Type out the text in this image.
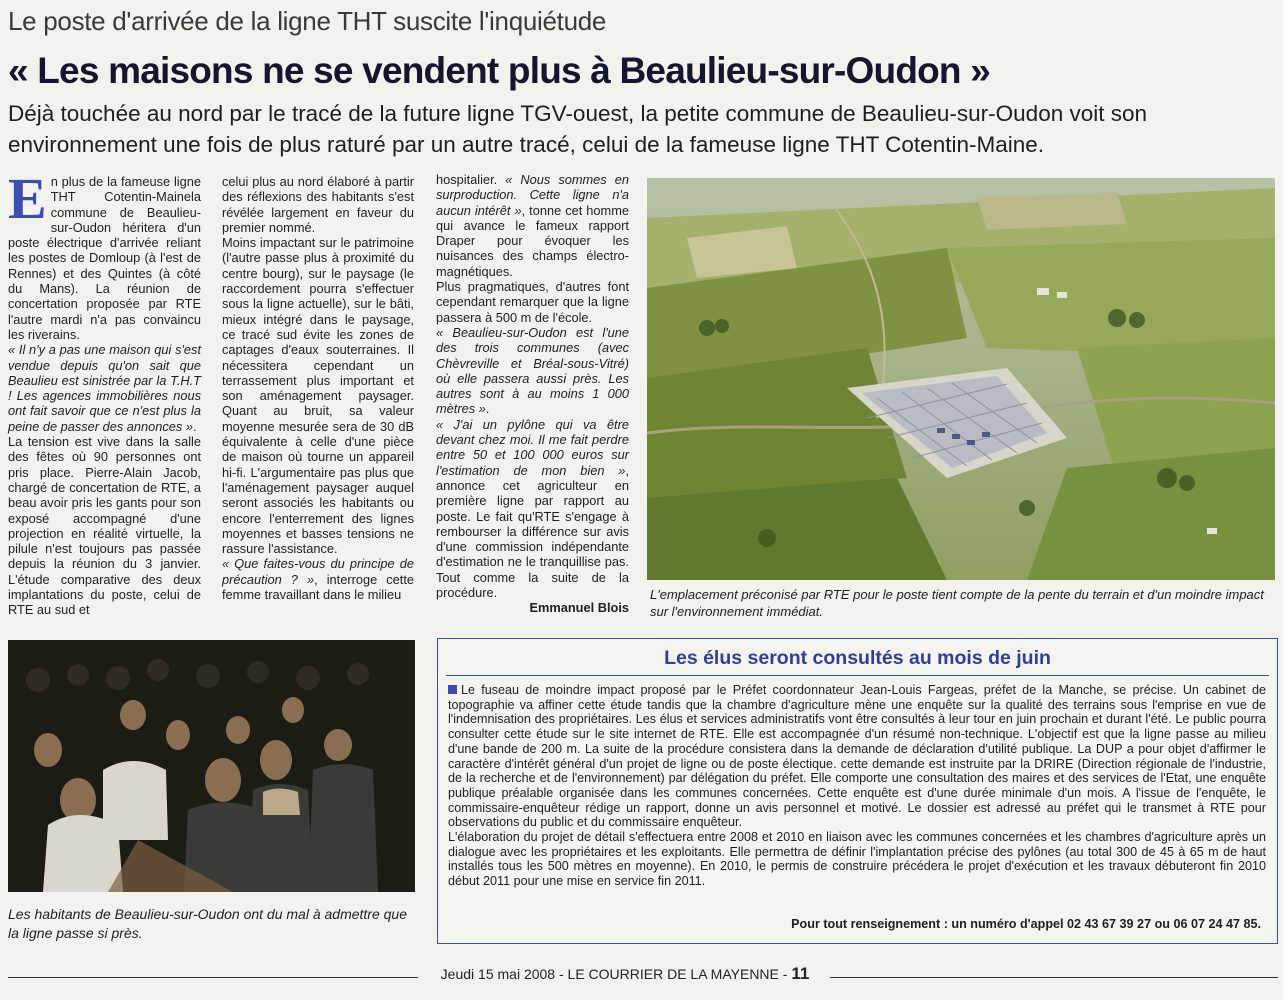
Le poste d'arrivée de la ligne THT suscite l'inquiétude
« Les maisons ne se vendent plus à Beaulieu-sur-Oudon »

Déjà touchée au nord par le tracé de la future ligne TGV-ouest, la petite commune de Beaulieu-sur-Oudon voit son environnement une fois de plus raturé par un autre tracé, celui de la fameuse ligne THT Cotentin-Maine.

En plus de la fameuse ligne THT Cotentin-Mainela commune de Beaulieu-sur-Oudon héritera d'un poste électrique d'arrivée reliant les postes de Domloup (à l'est de Rennes) et des Quintes (à côté du Mans). La réunion de concertation proposée par RTE l'autre mardi n'a pas convaincu les riverains.

« Il n'y a pas une maison qui s'est vendue depuis qu'on sait que Beaulieu est sinistrée par la T.H.T ! Les agences immobilières nous ont fait savoir que ce n'est plus la peine de passer des annonces ».

La tension est vive dans la salle des fêtes où 90 personnes ont pris place. Pierre-Alain Jacob, chargé de concertation de RTE, a beau avoir pris les gants pour son exposé accompagné d'une projection en réalité virtuelle, la pilule n'est toujours pas passée depuis la réunion du 3 janvier. L'étude comparative des deux implantations du poste, celui de RTE au sud et

celui plus au nord élaboré à partir des réflexions des habitants s'est révélée largement en faveur du premier nommé.

Moins impactant sur le patrimoine (l'autre passe plus à proximité du centre bourg), sur le paysage (le raccordement pourra s'effectuer sous la ligne actuelle), sur le bâti, mieux intégré dans le paysage, ce tracé sud évite les zones de captages d'eaux souterraines. Il nécessitera cependant un terrassement plus important et son aménagement paysager. Quant au bruit, sa valeur moyenne mesurée sera de 30 dB équivalente à celle d'une pièce de maison où tourne un appareil hi-fi. L'argumentaire pas plus que l'aménagement paysager auquel seront associés les habitants ou encore l'enterrement des lignes moyennes et basses tensions ne rassure l'assistance.

« Que faites-vous du principe de précaution ? », interroge cette femme travaillant dans le milieu

hospitalier. « Nous sommes en surproduction. Cette ligne n'a aucun intérêt », tonne cet homme qui avance le fameux rapport Draper pour évoquer les nuisances des champs électro-magnétiques.

Plus pragmatiques, d'autres font cependant remarquer que la ligne passera à 500 m de l'école.

« Beaulieu-sur-Oudon est l'une des trois communes (avec Chèvreville et Bréal-sous-Vitré) où elle passera aussi près. Les autres sont à au moins 1 000 mètres ».

« J'ai un pylône qui va être devant chez moi. Il me fait perdre entre 50 et 100 000 euros sur l'estimation de mon bien », annonce cet agriculteur en première ligne par rapport au poste. Le fait qu'RTE s'engage à rembourser la différence sur avis d'une commission indépendante d'estimation ne le tranquillise pas. Tout comme la suite de la procédure.

Emmanuel Blois

L'emplacement préconisé par RTE pour le poste tient compte de la pente du terrain et d'un moindre impact sur l'environnement immédiat.
Les habitants de Beaulieu-sur-Oudon ont du mal à admettre que la ligne passe si près.
Les élus seront consultés au mois de juin

Le fuseau de moindre impact proposé par le Préfet coordonnateur Jean-Louis Fargeas, préfet de la Manche, se précise. Un cabinet de topographie va affiner cette étude tandis que la chambre d'agriculture mène une enquête sur la qualité des terrains sous l'emprise en vue de l'indemnisation des propriétaires. Les élus et services administratifs vont être consultés à leur tour en juin prochain et durant l'été. Le public pourra consulter cette étude sur le site internet de RTE. Elle est accompagnée d'un résumé non-technique. L'objectif est que la ligne passe au milieu d'une bande de 200 m. La suite de la procédure consistera dans la demande de déclaration d'utilité publique. La DUP a pour objet d'affirmer le caractère d'intérêt général d'un projet de ligne ou de poste électique. cette demande est instruite par la DRIRE (Direction régionale de l'industrie, de la recherche et de l'environnement) par délégation du préfet. Elle comporte une consultation des maires et des services de l'Etat, une enquête publique préalable organisée dans les communes concernées. Cette enquête est d'une durée minimale d'un mois. A l'issue de l'enquête, le commissaire-enquêteur rédige un rapport, donne un avis personnel et motivé. Le dossier est adressé au préfet qui le transmet à RTE pour observations du public et du commissaire enquêteur.

L'élaboration du projet de détail s'effectuera entre 2008 et 2010 en liaison avec les communes concernées et les chambres d'agriculture après un dialogue avec les propriétaires et les exploitants. Elle permettra de définir l'implantation précise des pylônes (au total 300 de 45 à 65 m de haut installés tous les 500 mètres en moyenne). En 2010, le permis de construire précédera le projet d'exécution et les travaux débuteront fin 2010 début 2011 pour une mise en service fin 2011.

Pour tout renseignement : un numéro d'appel 02 43 67 39 27 ou 06 07 24 47 85.
Jeudi 15 mai 2008 - LE COURRIER DE LA MAYENNE - 11
